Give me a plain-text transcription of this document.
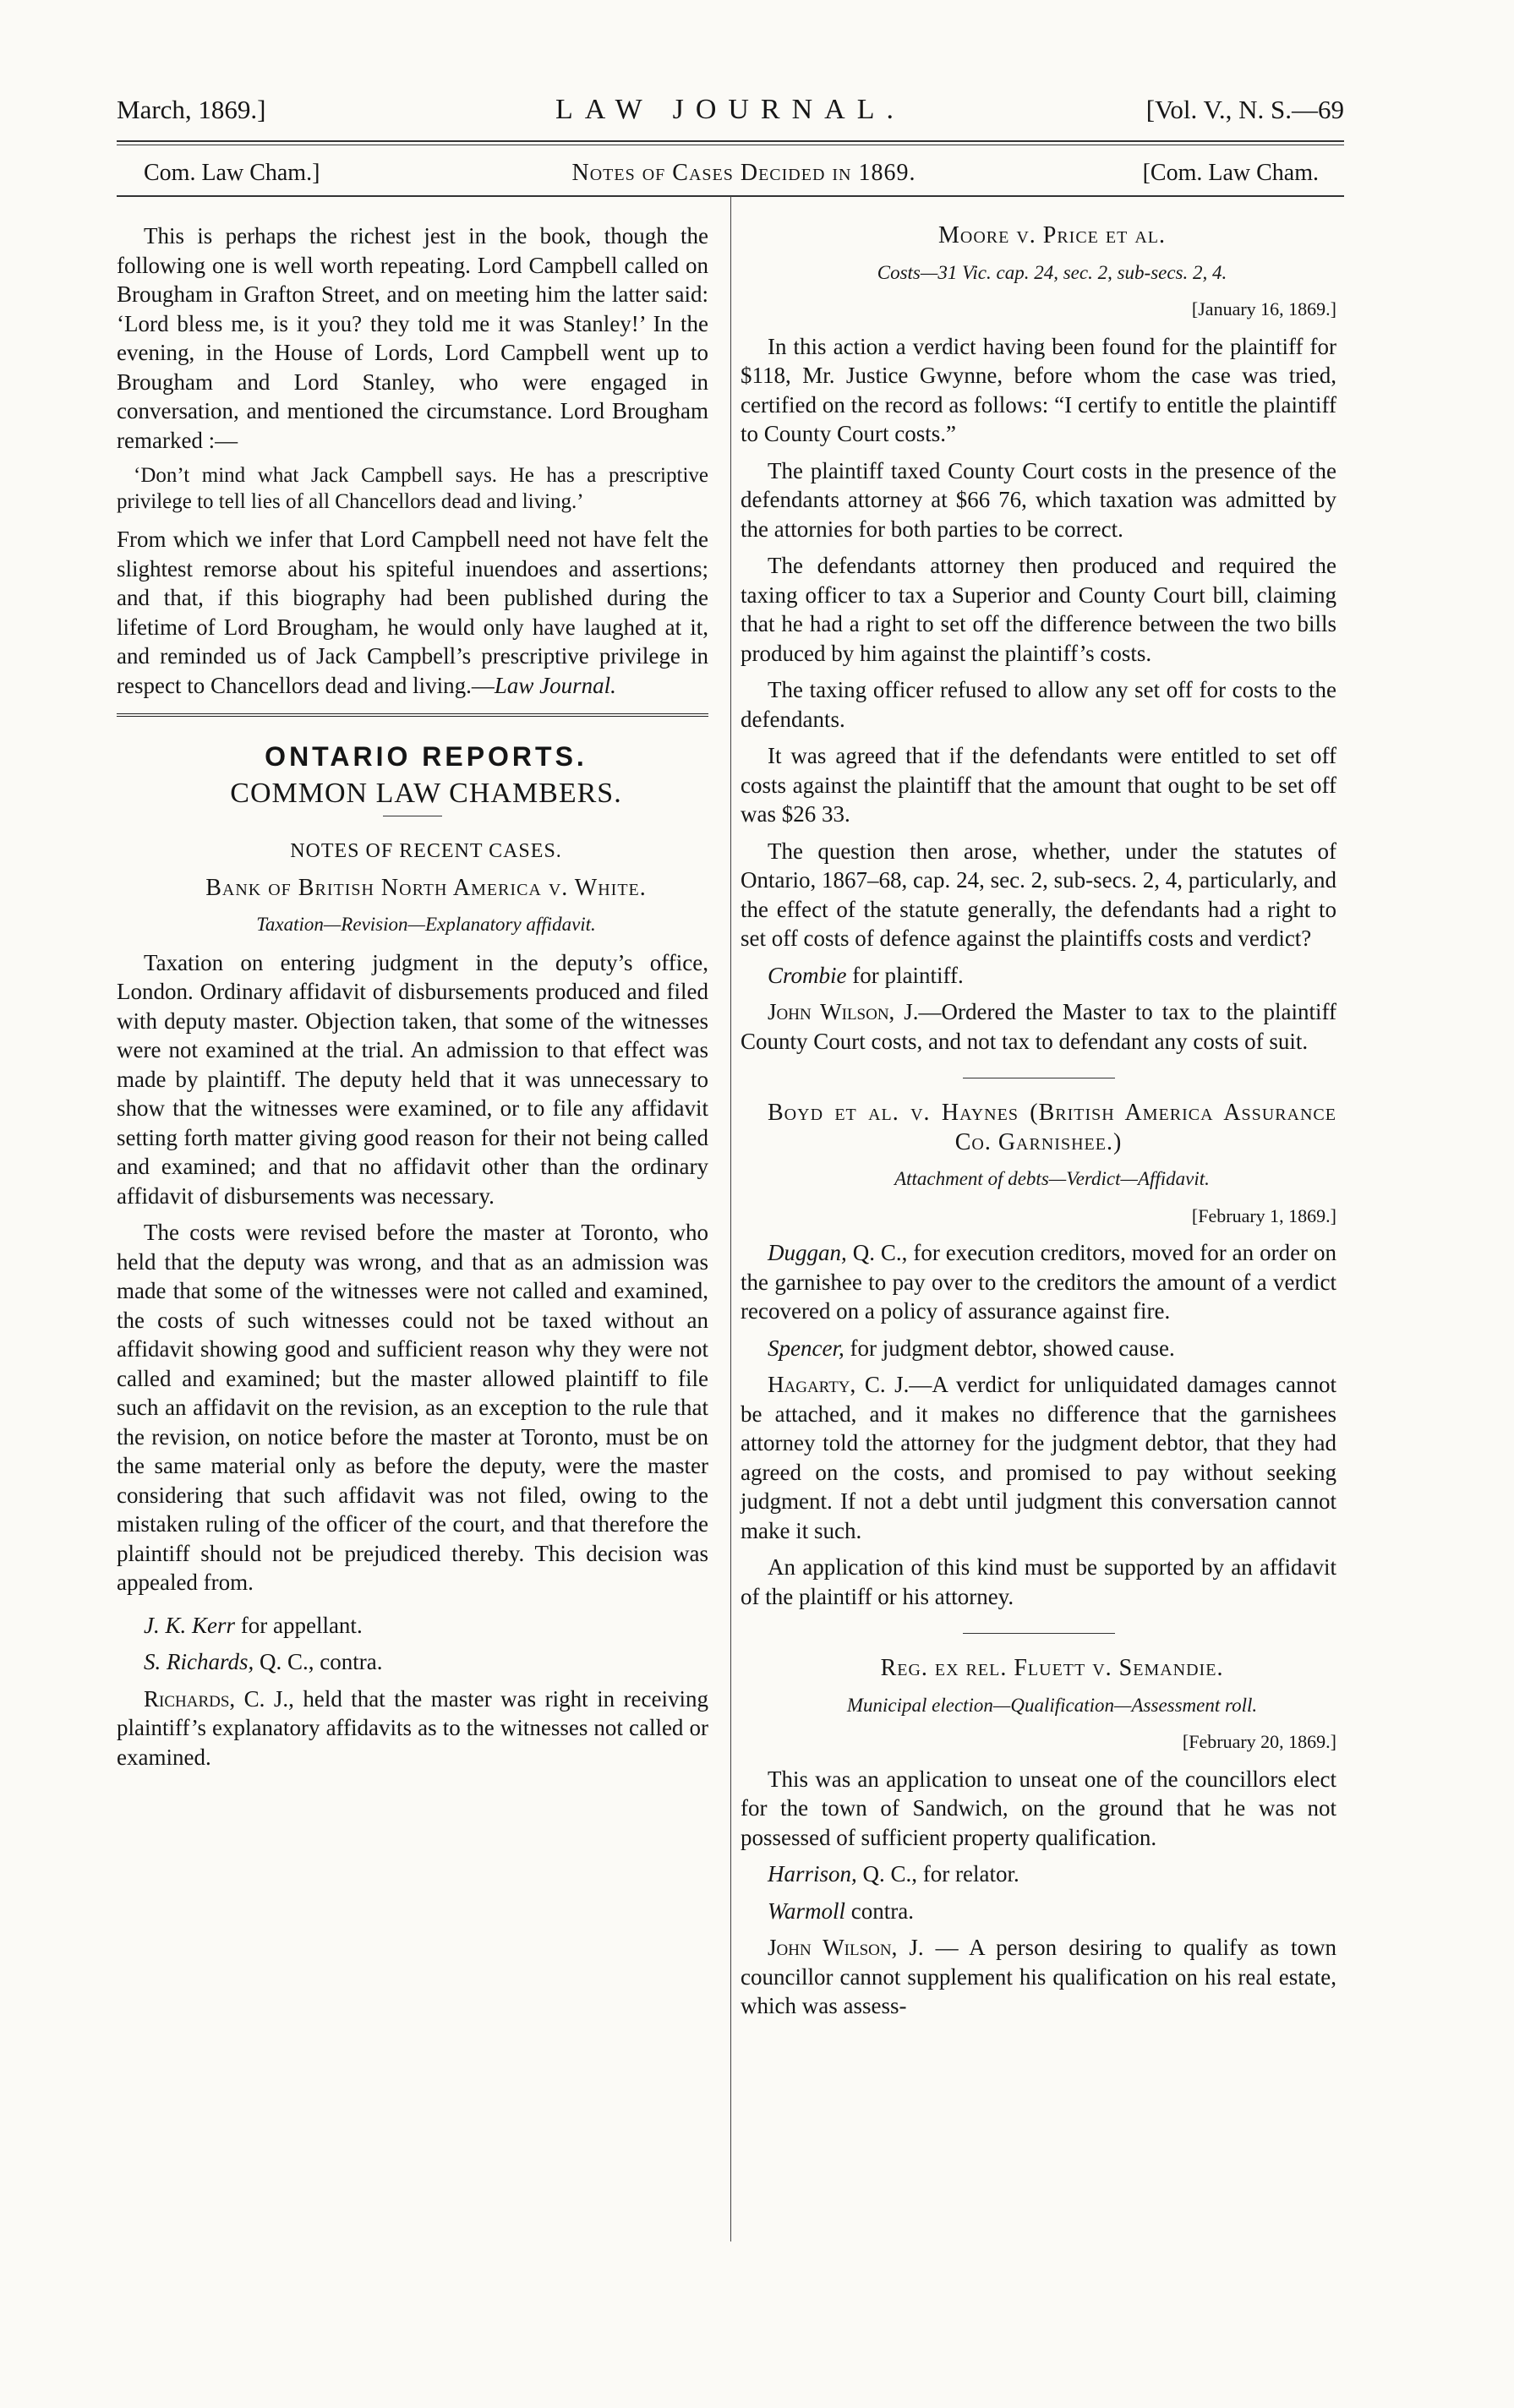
March, 1869.]	LAW JOURNAL.	[Vol. V., N. S.—69
Com. Law Cham.]	Notes of Cases Decided in 1869.	[Com. Law Cham.

This is perhaps the richest jest in the book, though the following one is well worth repeating. Lord Campbell called on Brougham in Grafton Street, and on meeting him the latter said: ‘Lord bless me, is it you? they told me it was Stanley!’ In the evening, in the House of Lords, Lord Campbell went up to Brougham and Lord Stanley, who were engaged in conversation, and mentioned the circumstance. Lord Brougham remarked :—

‘Don’t mind what Jack Campbell says. He has a prescriptive privilege to tell lies of all Chancellors dead and living.’

From which we infer that Lord Campbell need not have felt the slightest remorse about his spiteful inuendoes and assertions; and that, if this biography had been published during the lifetime of Lord Brougham, he would only have laughed at it, and reminded us of Jack Campbell’s prescriptive privilege in respect to Chancellors dead and living.—Law Journal.

ONTARIO REPORTS.

COMMON LAW CHAMBERS.

NOTES OF RECENT CASES.

Bank of British North America v. White.

Taxation—Revision—Explanatory affidavit.

Taxation on entering judgment in the deputy’s office, London. Ordinary affidavit of disbursements produced and filed with deputy master. Objection taken, that some of the witnesses were not examined at the trial. An admission to that effect was made by plaintiff. The deputy held that it was unnecessary to show that the witnesses were examined, or to file any affidavit setting forth matter giving good reason for their not being called and examined; and that no affidavit other than the ordinary affidavit of disbursements was necessary.

The costs were revised before the master at Toronto, who held that the deputy was wrong, and that as an admission was made that some of the witnesses were not called and examined, the costs of such witnesses could not be taxed without an affidavit showing good and sufficient reason why they were not called and examined; but the master allowed plaintiff to file such an affidavit on the revision, as an exception to the rule that the revision, on notice before the master at Toronto, must be on the same material only as before the deputy, were the master considering that such affidavit was not filed, owing to the mistaken ruling of the officer of the court, and that therefore the plaintiff should not be prejudiced thereby. This decision was appealed from.

J. K. Kerr for appellant.

S. Richards, Q. C., contra.

Richards, C. J., held that the master was right in receiving plaintiff’s explanatory affidavits as to the witnesses not called or examined.

Moore v. Price et al.

Costs—31 Vic. cap. 24, sec. 2, sub-secs. 2, 4.

[January 16, 1869.]

In this action a verdict having been found for the plaintiff for $118, Mr. Justice Gwynne, before whom the case was tried, certified on the record as follows: “I certify to entitle the plaintiff to County Court costs.”

The plaintiff taxed County Court costs in the presence of the defendants attorney at $66 76, which taxation was admitted by the attornies for both parties to be correct.

The defendants attorney then produced and required the taxing officer to tax a Superior and County Court bill, claiming that he had a right to set off the difference between the two bills produced by him against the plaintiff’s costs.

The taxing officer refused to allow any set off for costs to the defendants.

It was agreed that if the defendants were entitled to set off costs against the plaintiff that the amount that ought to be set off was $26 33.

The question then arose, whether, under the statutes of Ontario, 1867–68, cap. 24, sec. 2, sub-secs. 2, 4, particularly, and the effect of the statute generally, the defendants had a right to set off costs of defence against the plaintiffs costs and verdict?

Crombie for plaintiff.

John Wilson, J.—Ordered the Master to tax to the plaintiff County Court costs, and not tax to defendant any costs of suit.

Boyd et al. v. Haynes (British America Assurance Co. Garnishee.)

Attachment of debts—Verdict—Affidavit.

[February 1, 1869.]

Duggan, Q. C., for execution creditors, moved for an order on the garnishee to pay over to the creditors the amount of a verdict recovered on a policy of assurance against fire.

Spencer, for judgment debtor, showed cause.

Hagarty, C. J.—A verdict for unliquidated damages cannot be attached, and it makes no difference that the garnishees attorney told the attorney for the judgment debtor, that they had agreed on the costs, and promised to pay without seeking judgment. If not a debt until judgment this conversation cannot make it such.

An application of this kind must be supported by an affidavit of the plaintiff or his attorney.

Reg. ex rel. Fluett v. Semandie.

Municipal election—Qualification—Assessment roll.

[February 20, 1869.]

This was an application to unseat one of the councillors elect for the town of Sandwich, on the ground that he was not possessed of sufficient property qualification.

Harrison, Q. C., for relator.

Warmoll contra.

John Wilson, J. — A person desiring to qualify as town councillor cannot supplement his qualification on his real estate, which was assess-
